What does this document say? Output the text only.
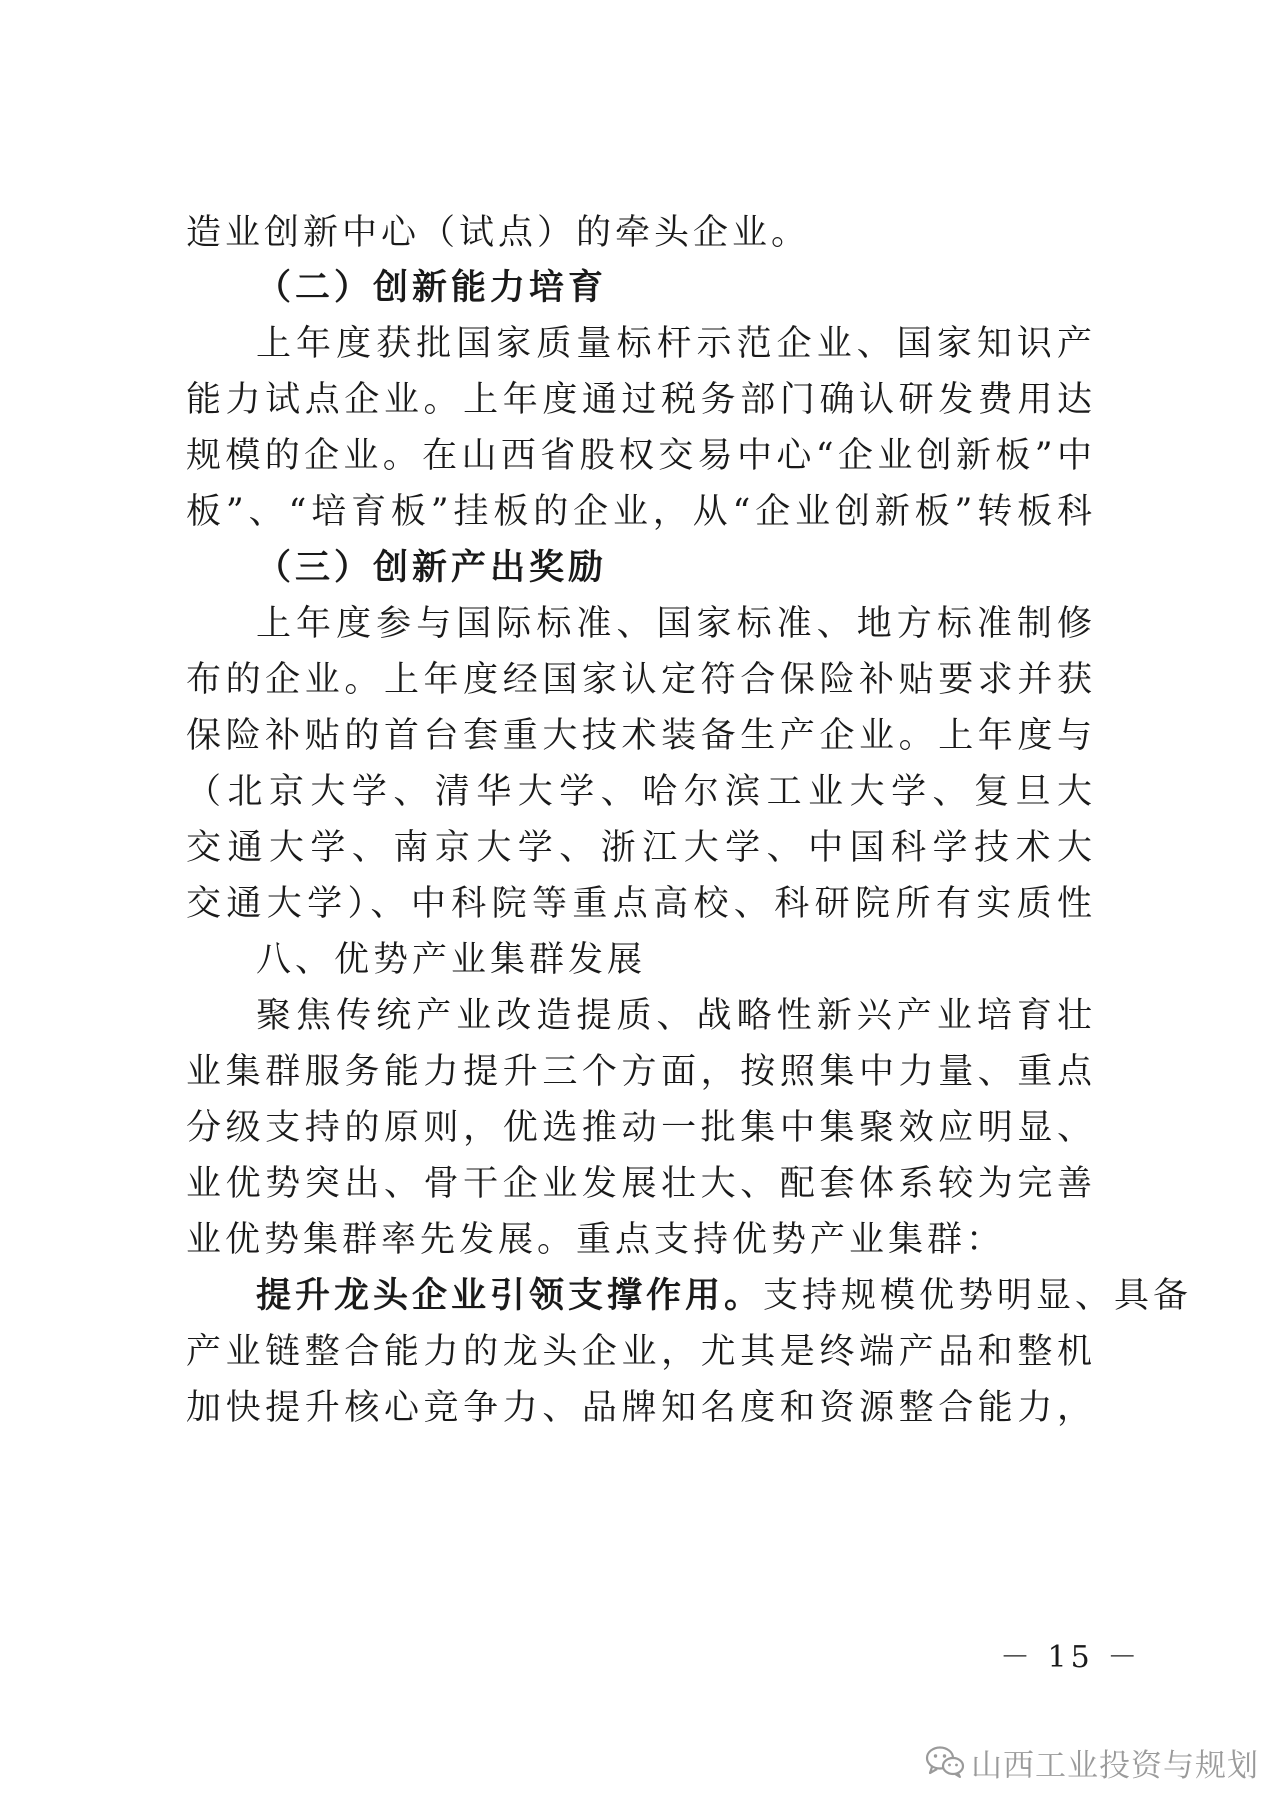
造业创新中心（试点）的牵头企业。
（二）创新能力培育
上年度获批国家质量标杆示范企业、国家知识产
能力试点企业。上年度通过税务部门确认研发费用达
规模的企业。在山西省股权交易中心“企业创新板”中
板”、“培育板”挂板的企业，从“企业创新板”转板科
（三）创新产出奖励
上年度参与国际标准、国家标准、地方标准制修
布的企业。上年度经国家认定符合保险补贴要求并获
保险补贴的首台套重大技术装备生产企业。上年度与
（北京大学、清华大学、哈尔滨工业大学、复旦大
交通大学、南京大学、浙江大学、中国科学技术大
交通大学）、中科院等重点高校、科研院所有实质性
八、优势产业集群发展
聚焦传统产业改造提质、战略性新兴产业培育壮
业集群服务能力提升三个方面，按照集中力量、重点
分级支持的原则，优选推动一批集中集聚效应明显、
业优势突出、骨干企业发展壮大、配套体系较为完善
业优势集群率先发展。重点支持优势产业集群：
提升龙头企业引领支撑作用。支持规模优势明显、具备
产业链整合能力的龙头企业，尤其是终端产品和整机
加快提升核心竞争力、品牌知名度和资源整合能力，
－ 15 －
山西工业投资与规划
